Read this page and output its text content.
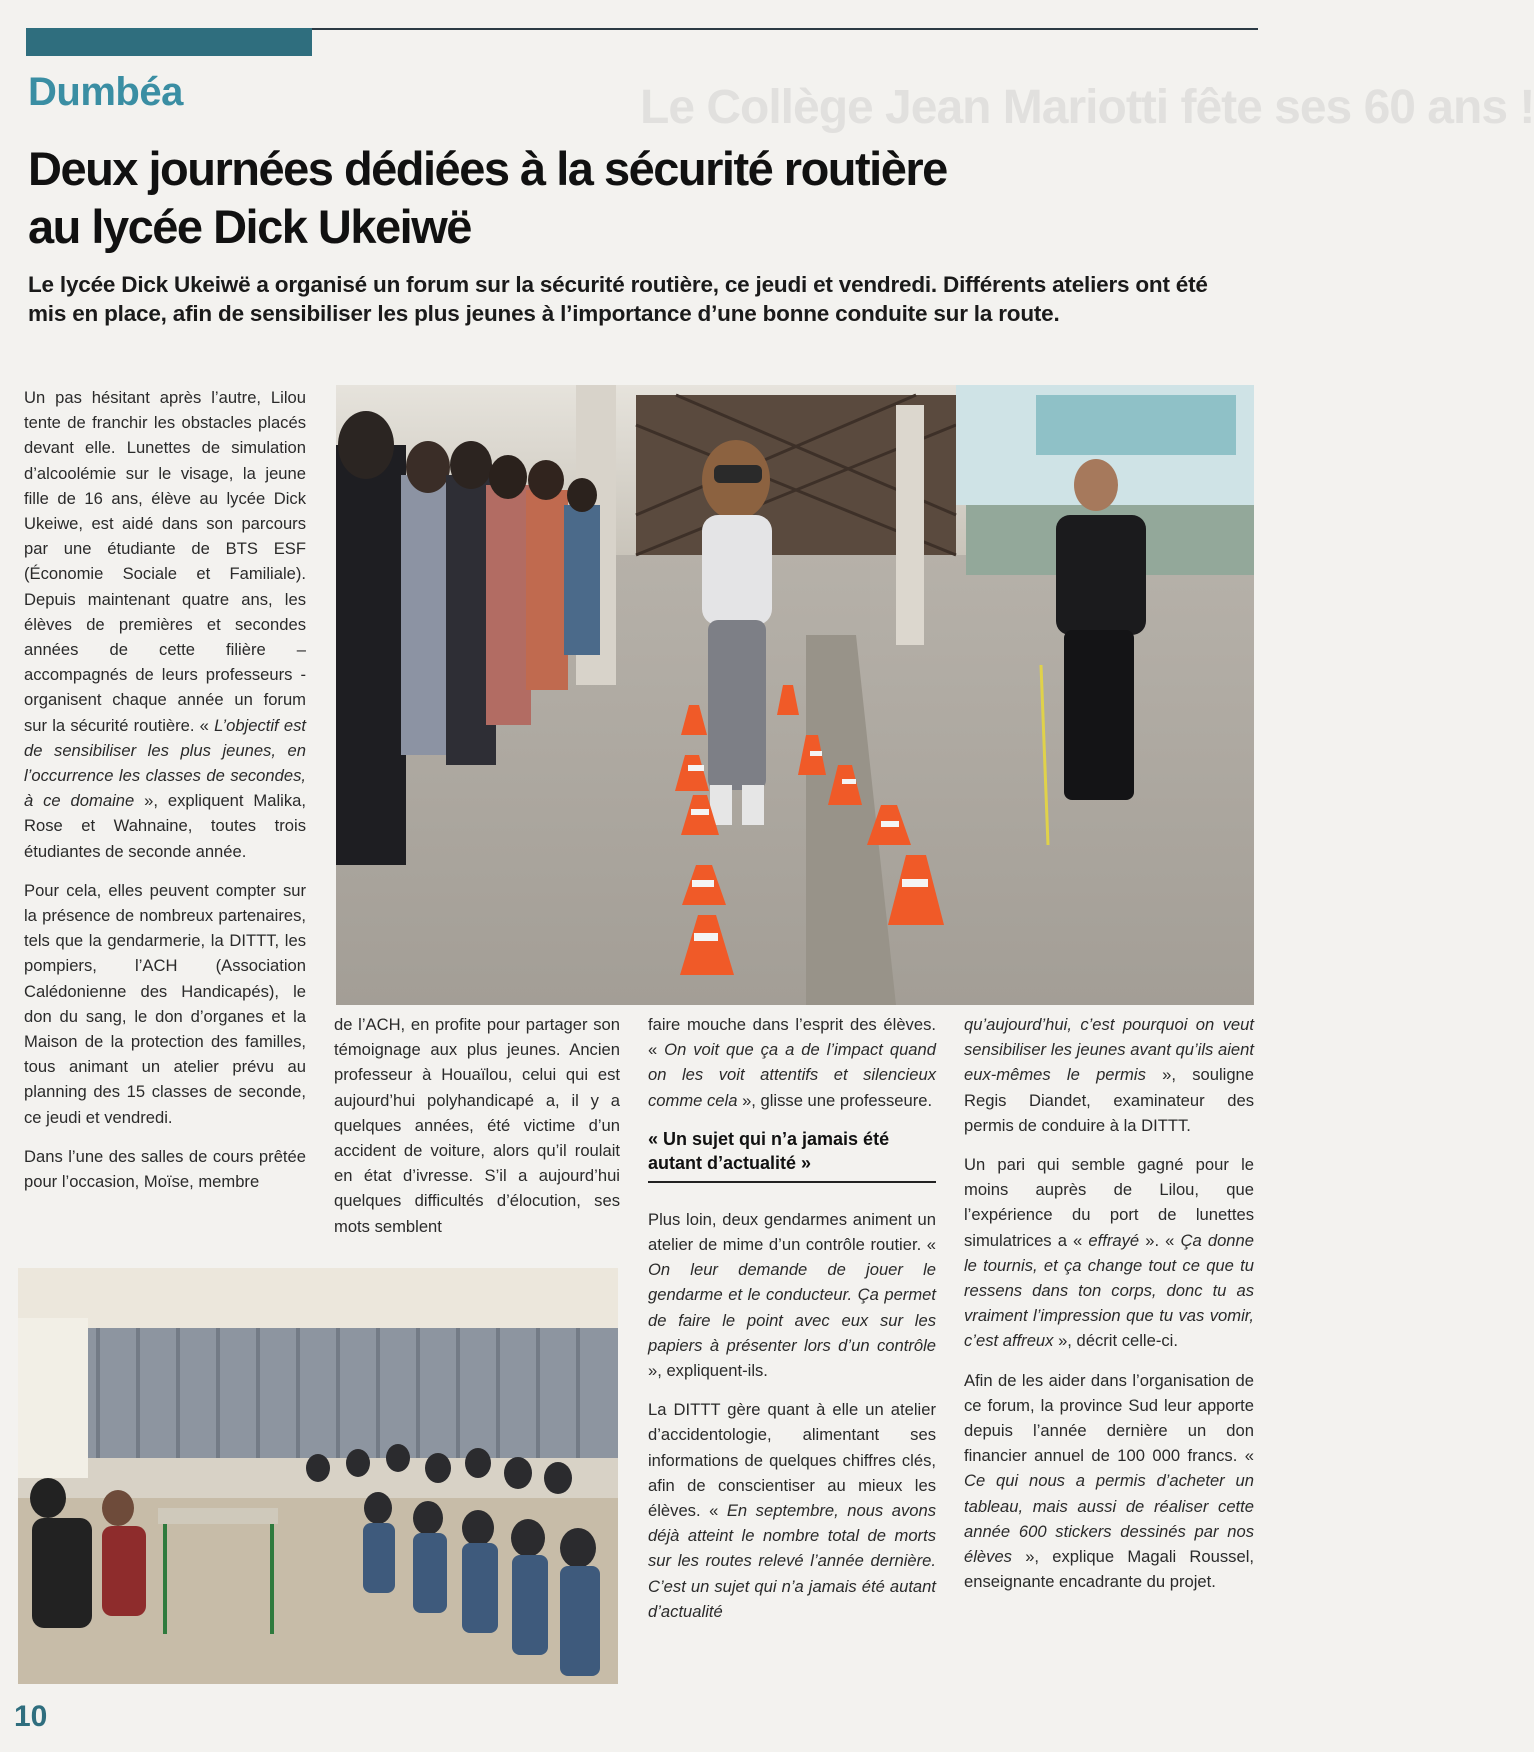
Le Collège Jean Mariotti fête ses 60 ans !
Dumbéa
Deux journées dédiées à la sécurité routière au lycée Dick Ukeiwë

Le lycée Dick Ukeiwë a organisé un forum sur la sécurité routière, ce jeudi et vendredi. Différents ateliers ont été mis en place, afin de sensibiliser les plus jeunes à l’importance d’une bonne conduite sur la route.

Un pas hésitant après l’autre, Lilou tente de franchir les obstacles placés devant elle. Lunettes de simulation d’alcoolémie sur le visage, la jeune fille de 16 ans, élève au lycée Dick Ukeiwe, est aidé dans son parcours par une étudiante de BTS ESF (Économie Sociale et Familiale). Depuis maintenant quatre ans, les élèves de premières et secondes années de cette filière – accompagnés de leurs professeurs - organisent chaque année un forum sur la sécurité routière. « L’objectif est de sensibiliser les plus jeunes, en l’occurrence les classes de secondes, à ce domaine », expliquent Malika, Rose et Wahnaine, toutes trois étudiantes de seconde année.

Pour cela, elles peuvent compter sur la présence de nombreux partenaires, tels que la gendarmerie, la DITTT, les pompiers, l’ACH (Association Calédonienne des Handicapés), le don du sang, le don d’organes et la Maison de la protection des familles, tous animant un atelier prévu au planning des 15 classes de seconde, ce jeudi et vendredi.

Dans l’une des salles de cours prêtée pour l’occasion, Moïse, membre

de l’ACH, en profite pour partager son témoignage aux plus jeunes. Ancien professeur à Houaïlou, celui qui est aujourd’hui polyhandicapé a, il y a quelques années, été victime d’un accident de voiture, alors qu’il roulait en état d’ivresse. S’il a aujourd’hui quelques difficultés d’élocution, ses mots semblent

faire mouche dans l’esprit des élèves. « On voit que ça a de l’impact quand on les voit attentifs et silencieux comme cela », glisse une professeure.

« Un sujet qui n’a jamais été autant d’actualité »

Plus loin, deux gendarmes animent un atelier de mime d’un contrôle routier. « On leur demande de jouer le gendarme et le conducteur. Ça permet de faire le point avec eux sur les papiers à présenter lors d’un contrôle », expliquent-ils.

La DITTT gère quant à elle un atelier d’accidentologie, alimentant ses informations de quelques chiffres clés, afin de conscientiser au mieux les élèves. « En septembre, nous avons déjà atteint le nombre total de morts sur les routes relevé l’année dernière. C’est un sujet qui n’a jamais été autant d’actualité

qu’aujourd’hui, c’est pourquoi on veut sensibiliser les jeunes avant qu’ils aient eux-mêmes le permis », souligne Regis Diandet, examinateur des permis de conduire à la DITTT.

Un pari qui semble gagné pour le moins auprès de Lilou, que l’expérience du port de lunettes simulatrices a « effrayé ». « Ça donne le tournis, et ça change tout ce que tu ressens dans ton corps, donc tu as vraiment l’impression que tu vas vomir, c’est affreux », décrit celle-ci.

Afin de les aider dans l’organisation de ce forum, la province Sud leur apporte depuis l’année dernière un don financier annuel de 100 000 francs. « Ce qui nous a permis d’acheter un tableau, mais aussi de réaliser cette année 600 stickers dessinés par nos élèves », explique Magali Roussel, enseignante encadrante du projet.

10
